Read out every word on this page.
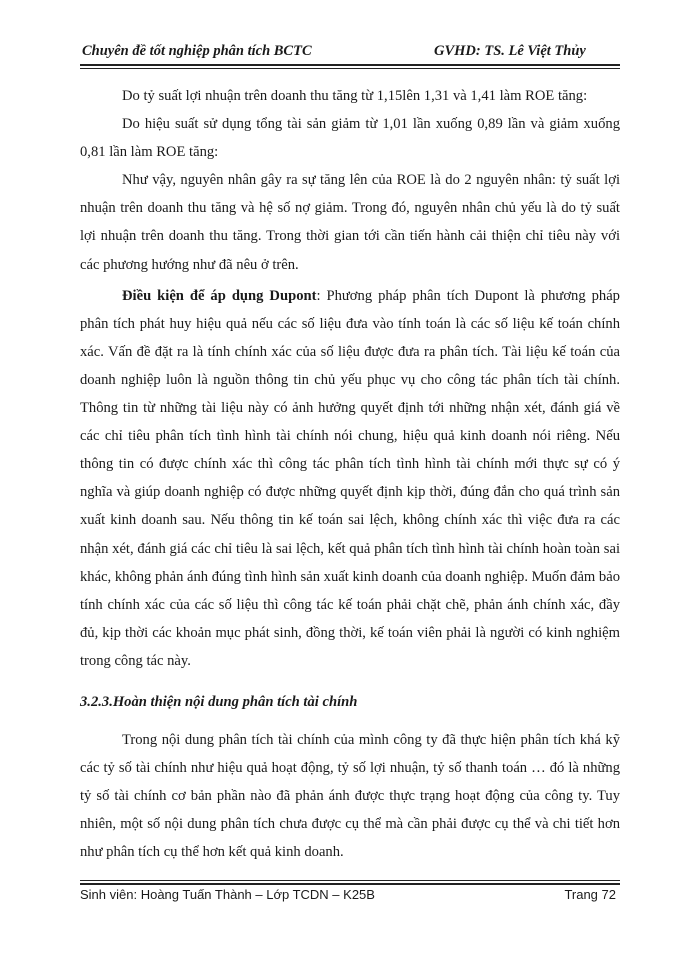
Chuyên đề tốt nghiệp phân tích BCTC	GVHD: TS. Lê Việt Thủy

Do tỷ suất lợi nhuận trên doanh thu tăng từ 1,15lên 1,31 và 1,41 làm ROE tăng:

Do hiệu suất sử dụng tổng tài sản giảm từ 1,01 lần xuống 0,89 lần và giảm xuống 0,81 lần làm ROE tăng:

Như vậy, nguyên nhân gây ra sự tăng lên của ROE là do 2 nguyên nhân: tỷ suất lợi nhuận trên doanh thu tăng và hệ số nợ giảm. Trong đó, nguyên nhân chủ yếu là do tỷ suất lợi nhuận trên doanh thu tăng. Trong thời gian tới cần tiến hành cải thiện chỉ tiêu này với các phương hướng như đã nêu ở trên.

Điều kiện để áp dụng Dupont: Phương pháp phân tích Dupont là phương pháp phân tích phát huy hiệu quả nếu các số liệu đưa vào tính toán là các số liệu kế toán chính xác. Vấn đề đặt ra là tính chính xác của số liệu được đưa ra phân tích. Tài liệu kế toán của doanh nghiệp luôn là nguồn thông tin chủ yếu phục vụ cho công tác phân tích tài chính. Thông tin từ những tài liệu này có ảnh hưởng quyết định tới những nhận xét, đánh giá về các chỉ tiêu phân tích tình hình tài chính nói chung, hiệu quả kinh doanh nói riêng. Nếu thông tin có được chính xác thì công tác phân tích tình hình tài chính mới thực sự có ý nghĩa và giúp doanh nghiệp có được những quyết định kịp thời, đúng đắn cho quá trình sản xuất kinh doanh sau. Nếu thông tin kế toán sai lệch, không chính xác thì việc đưa ra các nhận xét, đánh giá các chỉ tiêu là sai lệch, kết quả phân tích tình hình tài chính hoàn toàn sai khác, không phản ánh đúng tình hình sản xuất kinh doanh của doanh nghiệp. Muốn đảm bảo tính chính xác của các số liệu thì công tác kế toán phải chặt chẽ, phản ánh chính xác, đầy đủ, kịp thời các khoản mục phát sinh, đồng thời, kế toán viên phải là người có kinh nghiệm trong công tác này.

3.2.3.Hoàn thiện nội dung phân tích tài chính

Trong nội dung phân tích tài chính của mình công ty đã thực hiện phân tích khá kỹ các tỷ số tài chính như hiệu quả hoạt động, tỷ số lợi nhuận, tỷ số thanh toán … đó là những tỷ số tài chính cơ bản phần nào đã phản ánh được thực trạng hoạt động của công ty. Tuy nhiên, một số nội dung phân tích chưa được cụ thể mà cần phải được cụ thể và chi tiết hơn như phân tích cụ thể hơn kết quả kinh doanh.

Sinh viên: Hoàng Tuấn Thành – Lớp TCDN – K25B	Trang 72
